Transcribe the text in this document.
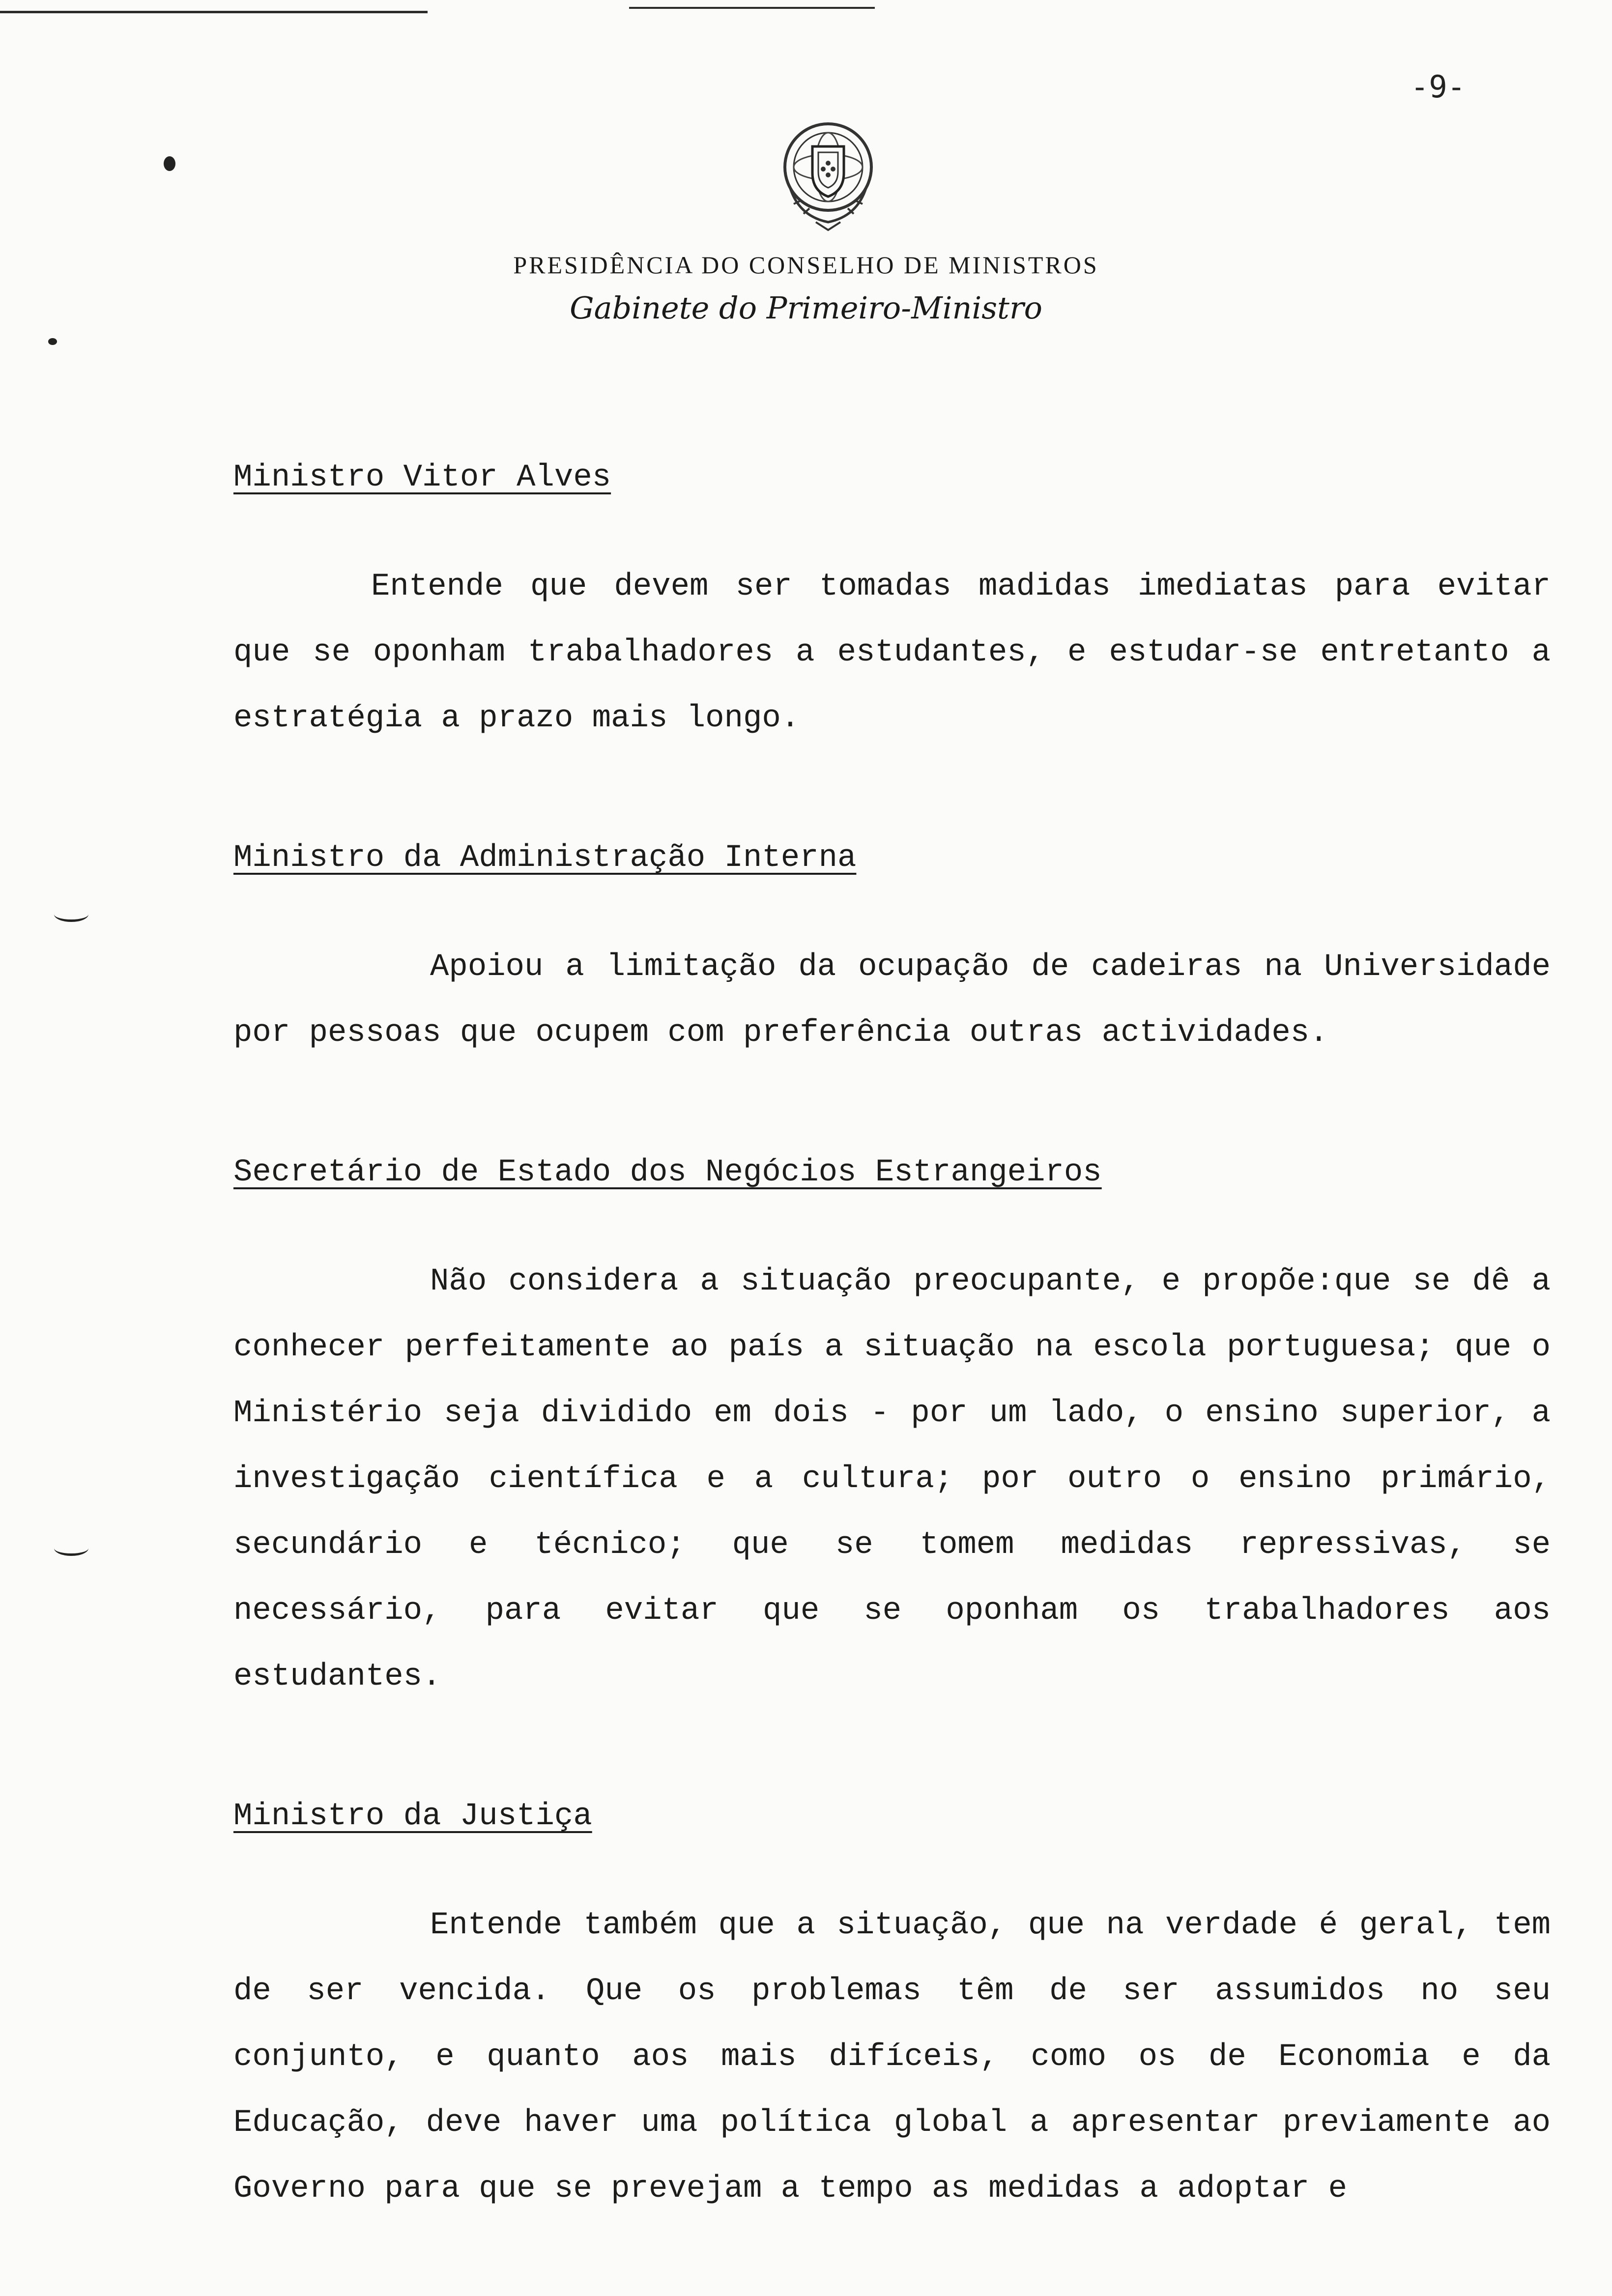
-9-
PRESIDÊNCIA DO CONSELHO DE MINISTROS
Gabinete do Primeiro-Ministro
Ministro Vitor Alves

Entende que devem ser tomadas madidas imediatas para evitar que se oponham trabalhadores a estudantes, e estudar-se entretanto a estratégia a prazo mais longo.

Ministro da Administração Interna

Apoiou a limitação da ocupação de cadeiras na Universidade por pessoas que ocupem com preferência outras actividades.

Secretário de Estado dos Negócios Estrangeiros

Não considera a situação preocupante, e propõe:que se dê a conhecer perfeitamente ao país a situação na escola portuguesa; que o Ministério seja dividido em dois - por um lado, o ensino superior, a investigação científica e a cultura; por outro o ensino primário, secundário e técnico; que se tomem medidas repressivas, se necessário, para evitar que se oponham os trabalhadores aos estudantes.

Ministro da Justiça

Entende também que a situação, que na verdade é geral, tem de ser vencida. Que os problemas têm de ser assumidos no seu conjunto, e quanto aos mais difíceis, como os de Economia e da Educação, deve haver uma política global a apresentar previamente ao Governo para que se prevejam a tempo as medidas a adoptar e
